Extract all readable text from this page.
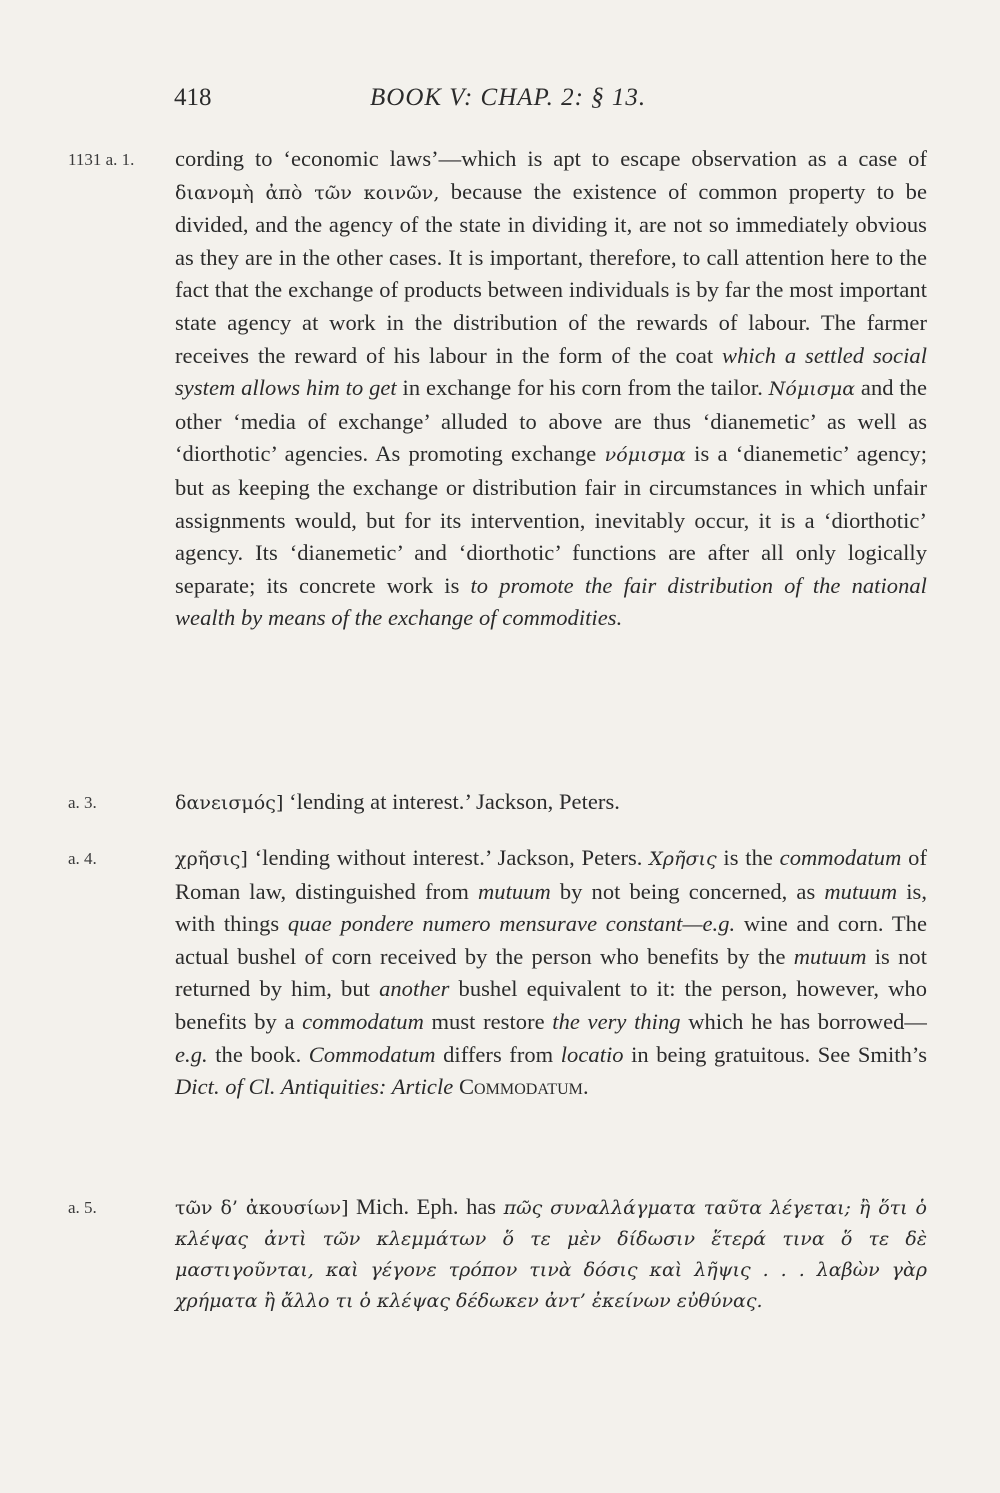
418	BOOK V: CHAP. 2: § 13.
1131 a. 1. cording to ‘economic laws’—which is apt to escape observation as a case of διανομὴ ἀπὸ τῶν κοινῶν, because the existence of common property to be divided, and the agency of the state in dividing it, are not so immediately obvious as they are in the other cases. It is important, therefore, to call attention here to the fact that the exchange of products between individuals is by far the most important state agency at work in the distribution of the rewards of labour. The farmer receives the reward of his labour in the form of the coat which a settled social system allows him to get in exchange for his corn from the tailor. Νόμισμα and the other ‘media of exchange’ alluded to above are thus ‘dianemetic’ as well as ‘diorthotic’ agencies. As promoting exchange νόμισμα is a ‘dianemetic’ agency; but as keeping the exchange or distribution fair in circumstances in which unfair assignments would, but for its intervention, inevitably occur, it is a ‘diorthotic’ agency. Its ‘dianemetic’ and ‘diorthotic’ functions are after all only logically separate; its concrete work is to promote the fair distribution of the national wealth by means of the exchange of commodities.

a. 3.	δανεισμός] ‘lending at interest.’ Jackson, Peters.

a. 4.	χρῆσις] ‘lending without interest.’ Jackson, Peters. Χρῆσις is the commodatum of Roman law, distinguished from mutuum by not being concerned, as mutuum is, with things quae pondere numero mensurave constant—e.g. wine and corn. The actual bushel of corn received by the person who benefits by the mutuum is not returned by him, but another bushel equivalent to it: the person, however, who benefits by a commodatum must restore the very thing which he has borrowed—e.g. the book. Commodatum differs from locatio in being gratuitous. See Smith’s Dict. of Cl. Antiquities: Article Commodatum.

a. 5.	τῶν δ’ ἀκουσίων] Mich. Eph. has πῶς συναλλάγματα ταῦτα λέγεται; ἢ ὅτι ὁ κλέψας ἀντὶ τῶν κλεμμάτων ὅ τε μὲν δίδωσιν ἕτερά τινα ὅ τε δὲ μαστιγοῦνται, καὶ γέγονε τρόπον τινὰ δόσις καὶ λῆψις . . . λαβὼν γὰρ χρήματα ἢ ἄλλο τι ὁ κλέψας δέδωκεν ἀντ’ ἐκείνων εὐθύνας.
